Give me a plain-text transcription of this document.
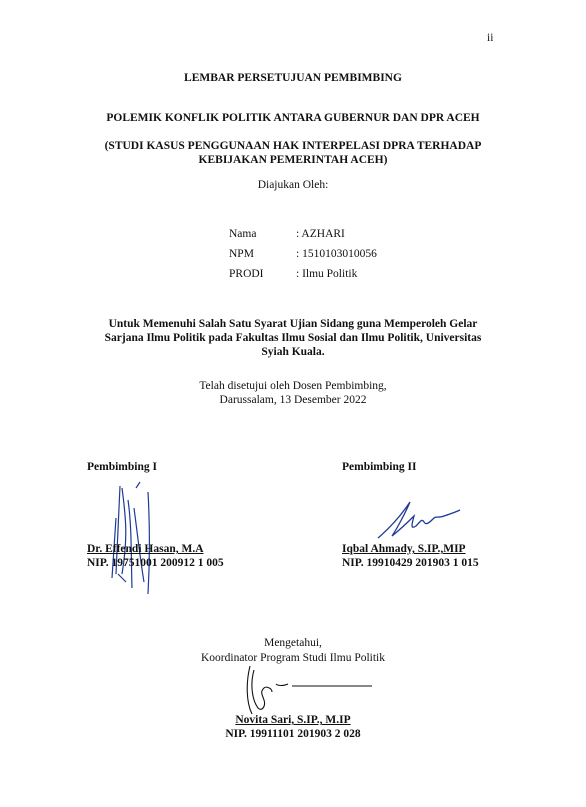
ii
LEMBAR PERSETUJUAN PEMBIMBING
POLEMIK KONFLIK POLITIK ANTARA GUBERNUR DAN DPR ACEH
(STUDI KASUS PENGGUNAAN HAK INTERPELASI DPRA TERHADAP
KEBIJAKAN PEMERINTAH ACEH)
Diajukan Oleh:
Nama	: AZHARI
NPM	: 1510103010056
PRODI	: Ilmu Politik
Untuk Memenuhi Salah Satu Syarat Ujian Sidang guna Memperoleh Gelar
Sarjana Ilmu Politik pada Fakultas Ilmu Sosial dan Ilmu Politik, Universitas
Syiah Kuala.
Telah disetujui oleh Dosen Pembimbing,
Darussalam, 13 Desember 2022
Pembimbing I
Dr. Effendi Hasan, M.A
NIP. 19751001 200912 1 005
Pembimbing II
Iqbal Ahmady, S.IP.,MIP
NIP. 19910429 201903 1 015
Mengetahui,
Koordinator Program Studi Ilmu Politik
Novita Sari, S.IP., M.IP
NIP. 19911101 201903 2 028
